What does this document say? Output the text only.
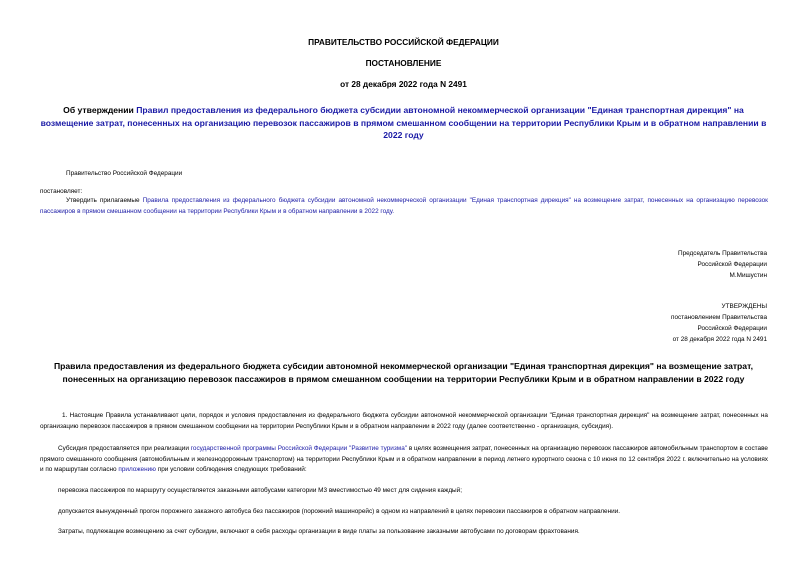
ПРАВИТЕЛЬСТВО РОССИЙСКОЙ ФЕДЕРАЦИИ
ПОСТАНОВЛЕНИЕ
от 28 декабря 2022 года N 2491
Об утверждении Правил предоставления из федерального бюджета субсидии автономной некоммерческой организации "Единая транспортная дирекция" на возмещение затрат, понесенных на организацию перевозок пассажиров в прямом смешанном сообщении на территории Республики Крым и в обратном направлении в 2022 году
Правительство Российской Федерации
постановляет:
Утвердить прилагаемые Правила предоставления из федерального бюджета субсидии автономной некоммерческой организации "Единая транспортная дирекция" на возмещение затрат, понесенных на организацию перевозок пассажиров в прямом смешанном сообщении на территории Республики Крым и в обратном направлении в 2022 году.
Председатель Правительства
Российской Федерации
М.Мишустин
УТВЕРЖДЕНЫ
постановлением Правительства
Российской Федерации
от 28 декабря 2022 года N 2491
Правила предоставления из федерального бюджета субсидии автономной некоммерческой организации "Единая транспортная дирекция" на возмещение затрат, понесенных на организацию перевозок пассажиров в прямом смешанном сообщении на территории Республики Крым и в обратном направлении в 2022 году
1. Настоящие Правила устанавливают цели, порядок и условия предоставления из федерального бюджета субсидии автономной некоммерческой организации "Единая транспортная дирекция" на возмещение затрат, понесенных на организацию перевозок пассажиров в прямом смешанном сообщении на территории Республики Крым и в обратном направлении в 2022 году (далее соответственно - организация, субсидия).
Субсидия предоставляется при реализации государственной программы Российской Федерации "Развитие туризма" в целях возмещения затрат, понесенных на организацию перевозок пассажиров автомобильным транспортом в составе прямого смешанного сообщения (автомобильным и железнодорожным транспортом) на территории Республики Крым и в обратном направлении в период летнего курортного сезона с 10 июня по 12 сентября 2022 г. включительно на условиях и по маршрутам согласно приложению при условии соблюдения следующих требований:
перевозка пассажиров по маршруту осуществляется заказными автобусами категории M3 вместимостью 49 мест для сидения каждый;
допускается вынужденный прогон порожнего заказного автобуса без пассажиров (порожний машинорейс) в одном из направлений в целях перевозки пассажиров в обратном направлении.
Затраты, подлежащие возмещению за счет субсидии, включают в себя расходы организации в виде платы за пользование заказными автобусами по договорам фрахтования.
